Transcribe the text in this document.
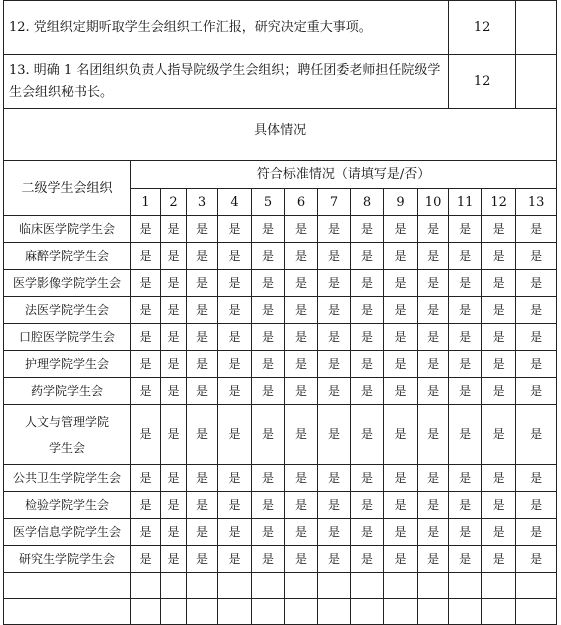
12. 党组织定期听取学生会组织工作汇报，研究决定重大事项。											12		
13. 明确 1 名团组织负责人指导院级学生会组织；聘任团委老师担任院级学生会组织秘书长。											12		
具体情况													
二级学生会组织	符合标准情况（请填写是/否）												
	1	2	3	4	5	6	7	8	9	10	11	12	13
临床医学院学生会	是	是	是	是	是	是	是	是	是	是	是	是	是
麻醉学院学生会	是	是	是	是	是	是	是	是	是	是	是	是	是
医学影像学院学生会	是	是	是	是	是	是	是	是	是	是	是	是	是
法医学院学生会	是	是	是	是	是	是	是	是	是	是	是	是	是
口腔医学院学生会	是	是	是	是	是	是	是	是	是	是	是	是	是
护理学院学生会	是	是	是	是	是	是	是	是	是	是	是	是	是
药学院学生会	是	是	是	是	是	是	是	是	是	是	是	是	是

人文与管理学院
学生会	是	是	是	是	是	是	是	是	是	是	是	是	是
公共卫生学院学生会	是	是	是	是	是	是	是	是	是	是	是	是	是
检验学院学生会	是	是	是	是	是	是	是	是	是	是	是	是	是
医学信息学院学生会	是	是	是	是	是	是	是	是	是	是	是	是	是
研究生学院学生会	是	是	是	是	是	是	是	是	是	是	是	是	是
